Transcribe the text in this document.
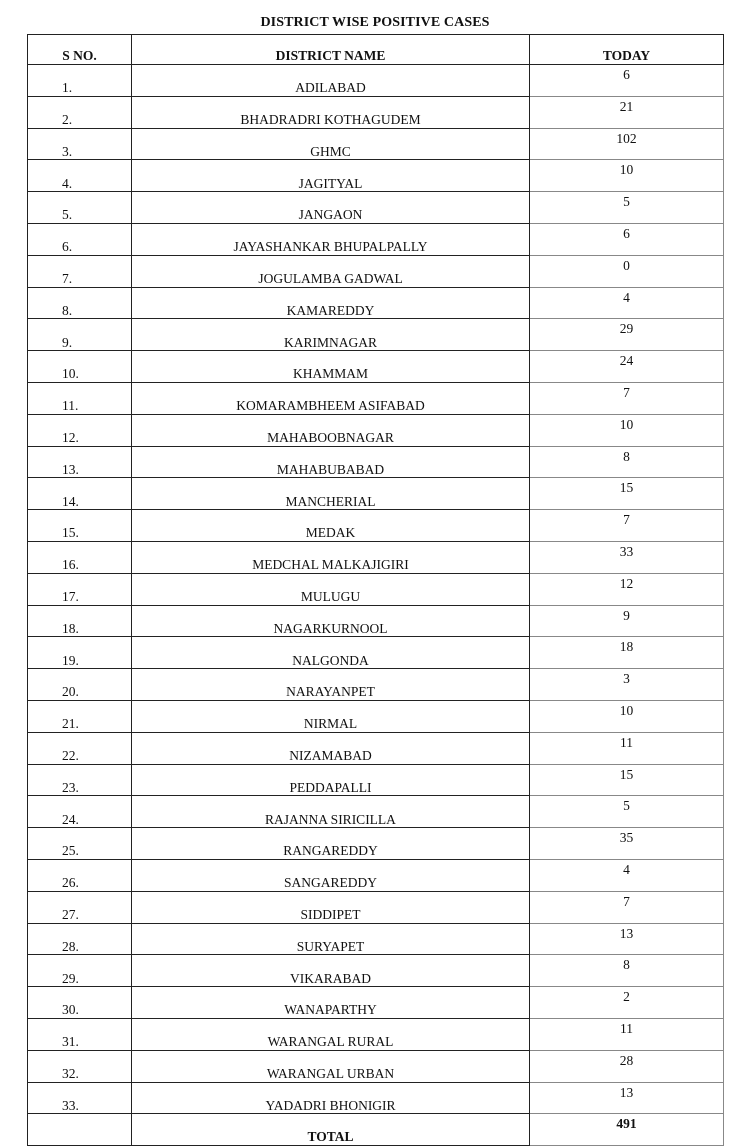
DISTRICT WISE POSITIVE CASES
S NO.	DISTRICT NAME	TODAY
1.	ADILABAD	6
2.	BHADRADRI KOTHAGUDEM	21
3.	GHMC	102
4.	JAGITYAL	10
5.	JANGAON	5
6.	JAYASHANKAR BHUPALPALLY	6
7.	JOGULAMBA GADWAL	0
8.	KAMAREDDY	4
9.	KARIMNAGAR	29
10.	KHAMMAM	24
11.	KOMARAMBHEEM ASIFABAD	7
12.	MAHABOOBNAGAR	10
13.	MAHABUBABAD	8
14.	MANCHERIAL	15
15.	MEDAK	7
16.	MEDCHAL MALKAJIGIRI	33
17.	MULUGU	12
18.	NAGARKURNOOL	9
19.	NALGONDA	18
20.	NARAYANPET	3
21.	NIRMAL	10
22.	NIZAMABAD	11
23.	PEDDAPALLI	15
24.	RAJANNA SIRICILLA	5
25.	RANGAREDDY	35
26.	SANGAREDDY	4
27.	SIDDIPET	7
28.	SURYAPET	13
29.	VIKARABAD	8
30.	WANAPARTHY	2
31.	WARANGAL RURAL	11
32.	WARANGAL URBAN	28
33.	YADADRI BHONIGIR	13
	TOTAL	491
